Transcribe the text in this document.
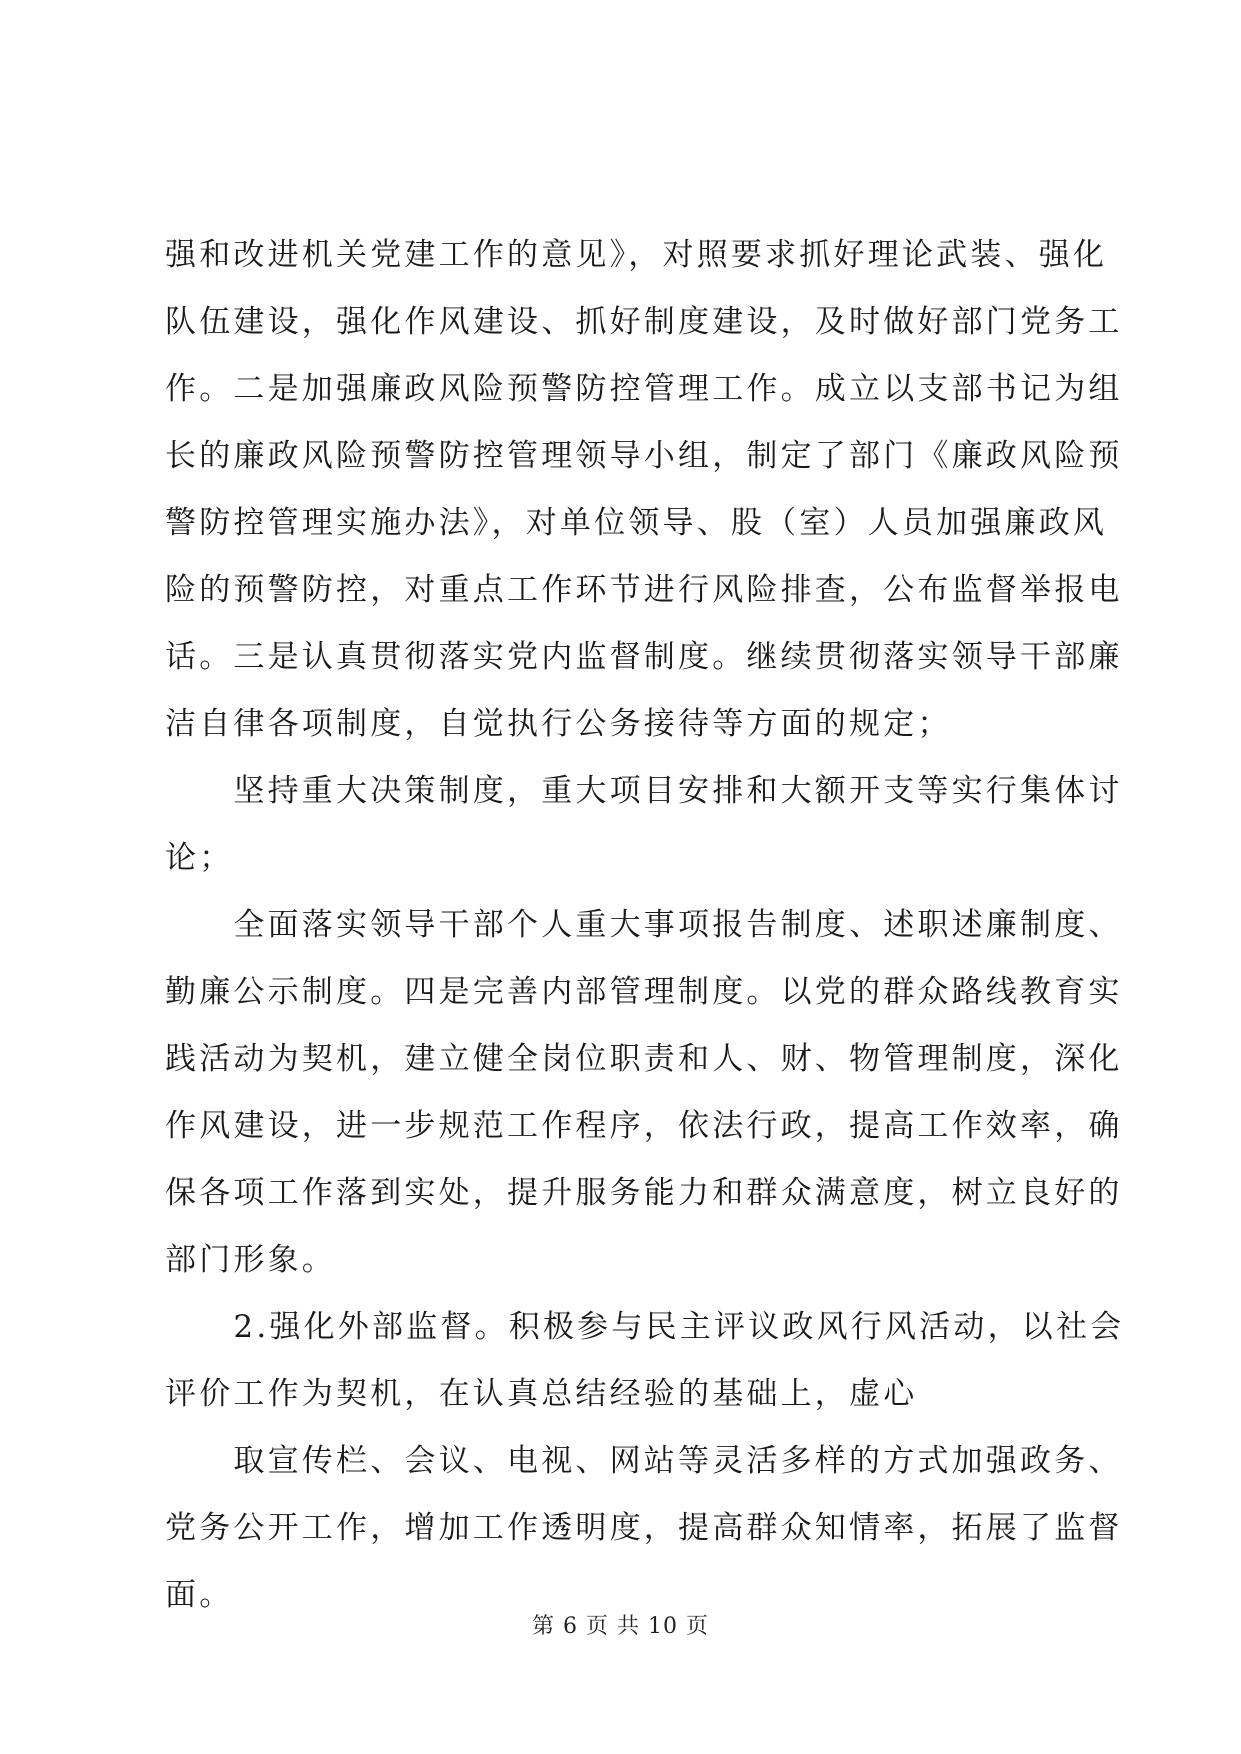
强和改进机关党建工作的意见》，对照要求抓好理论武装、强化
队伍建设，强化作风建设、抓好制度建设，及时做好部门党务工
作。二是加强廉政风险预警防控管理工作。成立以支部书记为组
长的廉政风险预警防控管理领导小组，制定了部门《廉政风险预
警防控管理实施办法》，对单位领导、股（室）人员加强廉政风
险的预警防控，对重点工作环节进行风险排查，公布监督举报电
话。三是认真贯彻落实党内监督制度。继续贯彻落实领导干部廉
洁自律各项制度，自觉执行公务接待等方面的规定；
　　坚持重大决策制度，重大项目安排和大额开支等实行集体讨
论；
　　全面落实领导干部个人重大事项报告制度、述职述廉制度、
勤廉公示制度。四是完善内部管理制度。以党的群众路线教育实
践活动为契机，建立健全岗位职责和人、财、物管理制度，深化
作风建设，进一步规范工作程序，依法行政，提高工作效率，确
保各项工作落到实处，提升服务能力和群众满意度，树立良好的
部门形象。
　　2.强化外部监督。积极参与民主评议政风行风活动，以社会
评价工作为契机，在认真总结经验的基础上，虚心
　　取宣传栏、会议、电视、网站等灵活多样的方式加强政务、
党务公开工作，增加工作透明度，提高群众知情率，拓展了监督
面。
第 6 页 共 10 页
